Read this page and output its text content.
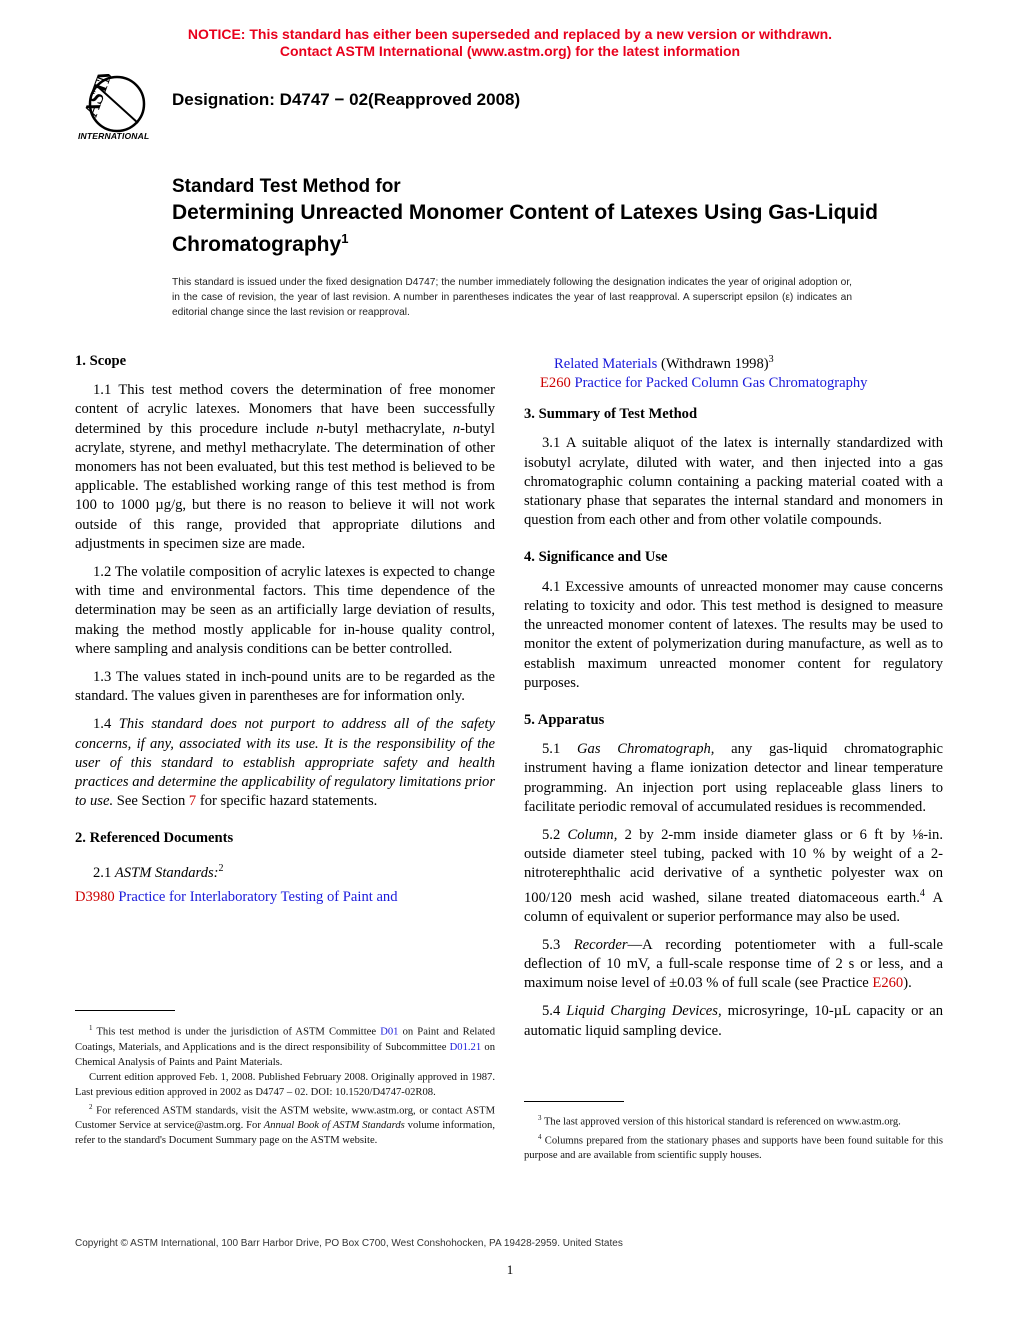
NOTICE: This standard has either been superseded and replaced by a new version or withdrawn.
Contact ASTM International (www.astm.org) for the latest information
ASTM
INTERNATIONAL
Designation: D4747 − 02(Reapproved 2008)
Standard Test Method for
Determining Unreacted Monomer Content of Latexes Using Gas-Liquid Chromatography$^1$
This standard is issued under the fixed designation D4747; the number immediately following the designation indicates the year of original adoption or, in the case of revision, the year of last revision. A number in parentheses indicates the year of last reapproval. A superscript epsilon (ε) indicates an editorial change since the last revision or reapproval.
1. Scope

1.1 This test method covers the determination of free monomer content of acrylic latexes. Monomers that have been successfully determined by this procedure include n-butyl methacrylate, n-butyl acrylate, styrene, and methyl methacrylate. The determination of other monomers has not been evaluated, but this test method is believed to be applicable. The established working range of this test method is from 100 to 1000 µg/g, but there is no reason to believe it will not work outside of this range, provided that appropriate dilutions and adjustments in specimen size are made.

1.2 The volatile composition of acrylic latexes is expected to change with time and environmental factors. This time dependence of the determination may be seen as an artificially large deviation of results, making the method mostly applicable for in-house quality control, where sampling and analysis conditions can be better controlled.

1.3 The values stated in inch-pound units are to be regarded as the standard. The values given in parentheses are for information only.

1.4 This standard does not purport to address all of the safety concerns, if any, associated with its use. It is the responsibility of the user of this standard to establish appropriate safety and health practices and determine the applicability of regulatory limitations prior to use. See Section 7 for specific hazard statements.

2. Referenced Documents

2.1 ASTM Standards:$^2$

D3980 Practice for Interlaboratory Testing of Paint and

Related Materials (Withdrawn 1998)$^3$

E260 Practice for Packed Column Gas Chromatography

3. Summary of Test Method

3.1 A suitable aliquot of the latex is internally standardized with isobutyl acrylate, diluted with water, and then injected into a gas chromatographic column containing a packing material coated with a stationary phase that separates the internal standard and monomers in question from each other and from other volatile compounds.

4. Significance and Use

4.1 Excessive amounts of unreacted monomer may cause concerns relating to toxicity and odor. This test method is designed to measure the unreacted monomer content of latexes. The results may be used to monitor the extent of polymerization during manufacture, as well as to establish maximum unreacted monomer content for regulatory purposes.

5. Apparatus

5.1 Gas Chromatograph, any gas-liquid chromatographic instrument having a flame ionization detector and linear temperature programming. An injection port using replaceable glass liners to facilitate periodic removal of accumulated residues is recommended.

5.2 Column, 2 by 2-mm inside diameter glass or 6 ft by ⅛-in. outside diameter steel tubing, packed with 10 % by weight of a 2-nitroterephthalic acid derivative of a synthetic polyester wax on 100/120 mesh acid washed, silane treated diatomaceous earth.$^4$ A column of equivalent or superior performance may also be used.

5.3 Recorder—A recording potentiometer with a full-scale deflection of 10 mV, a full-scale response time of 2 s or less, and a maximum noise level of ±0.03 % of full scale (see Practice E260).

5.4 Liquid Charging Devices, microsyringe, 10-µL capacity or an automatic liquid sampling device.

$^1$ This test method is under the jurisdiction of ASTM Committee D01 on Paint and Related Coatings, Materials, and Applications and is the direct responsibility of Subcommittee D01.21 on Chemical Analysis of Paints and Paint Materials.

Current edition approved Feb. 1, 2008. Published February 2008. Originally approved in 1987. Last previous edition approved in 2002 as D4747 – 02. DOI: 10.1520/D4747-02R08.

$^2$ For referenced ASTM standards, visit the ASTM website, www.astm.org, or contact ASTM Customer Service at service@astm.org. For Annual Book of ASTM Standards volume information, refer to the standard's Document Summary page on the ASTM website.

$^3$ The last approved version of this historical standard is referenced on www.astm.org.

$^4$ Columns prepared from the stationary phases and supports have been found suitable for this purpose and are available from scientific supply houses.

Copyright © ASTM International, 100 Barr Harbor Drive, PO Box C700, West Conshohocken, PA 19428-2959. United States
1
